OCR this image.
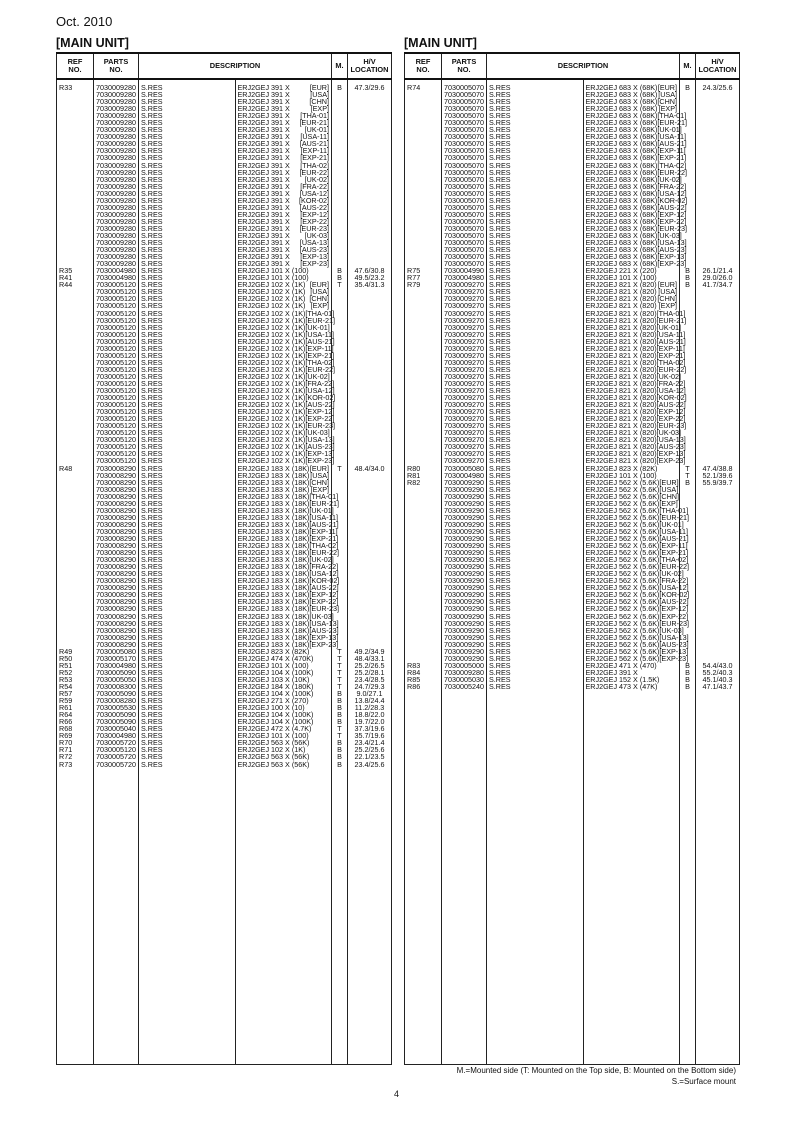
Oct. 2010
[MAIN UNIT]
REF
NO.	PARTS
NO.	DESCRIPTION		M.	H/V
LOCATION

R33	7030009280	S.RES	ERJ2GEJ 391 X [EUR]	B	47.3/29.6
	7030009280	S.RES	ERJ2GEJ 391 X [USA]		

	7030009280	S.RES	ERJ2GEJ 391 X [CHN]		

	7030009280	S.RES	ERJ2GEJ 391 X [EXP]		

	7030009280	S.RES	ERJ2GEJ 391 X [THA-01]		

	7030009280	S.RES	ERJ2GEJ 391 X [EUR-21]		

	7030009280	S.RES	ERJ2GEJ 391 X [UK-01]		

	7030009280	S.RES	ERJ2GEJ 391 X [USA-11]		

	7030009280	S.RES	ERJ2GEJ 391 X [AUS-21]		

	7030009280	S.RES	ERJ2GEJ 391 X [EXP-11]		

	7030009280	S.RES	ERJ2GEJ 391 X [EXP-21]		

	7030009280	S.RES	ERJ2GEJ 391 X [THA-02]		

	7030009280	S.RES	ERJ2GEJ 391 X [EUR-22]		

	7030009280	S.RES	ERJ2GEJ 391 X [UK-02]		

	7030009280	S.RES	ERJ2GEJ 391 X [FRA-22]		

	7030009280	S.RES	ERJ2GEJ 391 X [USA-12]		

	7030009280	S.RES	ERJ2GEJ 391 X [KOR-02]		

	7030009280	S.RES	ERJ2GEJ 391 X [AUS-22]		

	7030009280	S.RES	ERJ2GEJ 391 X [EXP-12]		

	7030009280	S.RES	ERJ2GEJ 391 X [EXP-22]		

	7030009280	S.RES	ERJ2GEJ 391 X [EUR-23]		

	7030009280	S.RES	ERJ2GEJ 391 X [UK-03]		

	7030009280	S.RES	ERJ2GEJ 391 X [USA-13]		

	7030009280	S.RES	ERJ2GEJ 391 X [AUS-23]		

	7030009280	S.RES	ERJ2GEJ 391 X [EXP-13]		

	7030009280	S.RES	ERJ2GEJ 391 X [EXP-23]		

R35	7030004980	S.RES	ERJ2GEJ 101 X (100)	B	47.6/30.8
R41	7030004980	S.RES	ERJ2GEJ 101 X (100)	B	49.5/23.2
R44	7030005120	S.RES	ERJ2GEJ 102 X (1K) [EUR]	T	35.4/31.3
	7030005120	S.RES	ERJ2GEJ 102 X (1K) [USA]		

	7030005120	S.RES	ERJ2GEJ 102 X (1K) [CHN]		

	7030005120	S.RES	ERJ2GEJ 102 X (1K) [EXP]		

	7030005120	S.RES	ERJ2GEJ 102 X (1K) [THA-01]		

	7030005120	S.RES	ERJ2GEJ 102 X (1K) [EUR-21]		

	7030005120	S.RES	ERJ2GEJ 102 X (1K) [UK-01]		

	7030005120	S.RES	ERJ2GEJ 102 X (1K) [USA-11]		

	7030005120	S.RES	ERJ2GEJ 102 X (1K) [AUS-21]		

	7030005120	S.RES	ERJ2GEJ 102 X (1K) [EXP-11]		

	7030005120	S.RES	ERJ2GEJ 102 X (1K) [EXP-21]		

	7030005120	S.RES	ERJ2GEJ 102 X (1K) [THA-02]		

	7030005120	S.RES	ERJ2GEJ 102 X (1K) [EUR-22]		

	7030005120	S.RES	ERJ2GEJ 102 X (1K) [UK-02]		

	7030005120	S.RES	ERJ2GEJ 102 X (1K) [FRA-22]		

	7030005120	S.RES	ERJ2GEJ 102 X (1K) [USA-12]		

	7030005120	S.RES	ERJ2GEJ 102 X (1K) [KOR-02]		

	7030005120	S.RES	ERJ2GEJ 102 X (1K) [AUS-22]		

	7030005120	S.RES	ERJ2GEJ 102 X (1K) [EXP-12]		

	7030005120	S.RES	ERJ2GEJ 102 X (1K) [EXP-22]		

	7030005120	S.RES	ERJ2GEJ 102 X (1K) [EUR-23]		

	7030005120	S.RES	ERJ2GEJ 102 X (1K) [UK-03]		

	7030005120	S.RES	ERJ2GEJ 102 X (1K) [USA-13]		

	7030005120	S.RES	ERJ2GEJ 102 X (1K) [AUS-23]		

	7030005120	S.RES	ERJ2GEJ 102 X (1K) [EXP-13]		

	7030005120	S.RES	ERJ2GEJ 102 X (1K) [EXP-23]		

R48	7030008290	S.RES	ERJ2GEJ 183 X (18K) [EUR]	T	48.4/34.0
	7030008290	S.RES	ERJ2GEJ 183 X (18K) [USA]		

	7030008290	S.RES	ERJ2GEJ 183 X (18K) [CHN]		

	7030008290	S.RES	ERJ2GEJ 183 X (18K) [EXP]		

	7030008290	S.RES	ERJ2GEJ 183 X (18K) [THA-01]		

	7030008290	S.RES	ERJ2GEJ 183 X (18K) [EUR-21]		

	7030008290	S.RES	ERJ2GEJ 183 X (18K) [UK-01]		

	7030008290	S.RES	ERJ2GEJ 183 X (18K) [USA-11]		

	7030008290	S.RES	ERJ2GEJ 183 X (18K) [AUS-21]		

	7030008290	S.RES	ERJ2GEJ 183 X (18K) [EXP-11]		

	7030008290	S.RES	ERJ2GEJ 183 X (18K) [EXP-21]		

	7030008290	S.RES	ERJ2GEJ 183 X (18K) [THA-02]		

	7030008290	S.RES	ERJ2GEJ 183 X (18K) [EUR-22]		

	7030008290	S.RES	ERJ2GEJ 183 X (18K) [UK-02]		

	7030008290	S.RES	ERJ2GEJ 183 X (18K) [FRA-22]		

	7030008290	S.RES	ERJ2GEJ 183 X (18K) [USA-12]		

	7030008290	S.RES	ERJ2GEJ 183 X (18K) [KOR-02]		

	7030008290	S.RES	ERJ2GEJ 183 X (18K) [AUS-22]		

	7030008290	S.RES	ERJ2GEJ 183 X (18K) [EXP-12]		

	7030008290	S.RES	ERJ2GEJ 183 X (18K) [EXP-22]		

	7030008290	S.RES	ERJ2GEJ 183 X (18K) [EUR-23]		

	7030008290	S.RES	ERJ2GEJ 183 X (18K) [UK-03]		

	7030008290	S.RES	ERJ2GEJ 183 X (18K) [USA-13]		

	7030008290	S.RES	ERJ2GEJ 183 X (18K) [AUS-23]		

	7030008290	S.RES	ERJ2GEJ 183 X (18K) [EXP-13]		

	7030008290	S.RES	ERJ2GEJ 183 X (18K) [EXP-23]		

R49	7030005080	S.RES	ERJ2GEJ 823 X (82K)	T	49.2/34.9
R50	7030005170	S.RES	ERJ2GEJ 474 X (470K)	T	48.4/33.1
R51	7030004980	S.RES	ERJ2GEJ 101 X (100)	T	25.2/26.5
R52	7030005090	S.RES	ERJ2GEJ 104 X (100K)	T	25.2/28.1
R53	7030005050	S.RES	ERJ2GEJ 103 X (10K)	T	23.4/28.5
R54	7030008300	S.RES	ERJ2GEJ 184 X (180K)	T	24.7/29.3
R57	7030005090	S.RES	ERJ2GEJ 104 X (100K)	B	9.0/27.1
R59	7030008280	S.RES	ERJ2GEJ 271 X (270)	B	13.8/24.4
R61	7030005530	S.RES	ERJ2GEJ 100 X (10)	B	11.2/28.3
R64	7030005090	S.RES	ERJ2GEJ 104 X (100K)	B	18.8/22.0
R66	7030005090	S.RES	ERJ2GEJ 104 X (100K)	B	19.7/22.0
R68	7030005040	S.RES	ERJ2GEJ 472 X (4.7K)	T	37.3/19.6
R69	7030004980	S.RES	ERJ2GEJ 101 X (100)	T	35.7/19.6
R70	7030005720	S.RES	ERJ2GEJ 563 X (56K)	B	23.4/21.4
R71	7030005120	S.RES	ERJ2GEJ 102 X (1K)	B	25.2/25.6
R72	7030005720	S.RES	ERJ2GEJ 563 X (56K)	B	22.1/23.5
R73	7030005720	S.RES	ERJ2GEJ 563 X (56K)	B	23.4/25.6

[MAIN UNIT]
REF
NO.	PARTS
NO.	DESCRIPTION		M.	H/V
LOCATION

R74	7030005070	S.RES	ERJ2GEJ 683 X (68K) [EUR]	B	24.3/25.6
	7030005070	S.RES	ERJ2GEJ 683 X (68K) [USA]		

	7030005070	S.RES	ERJ2GEJ 683 X (68K) [CHN]		

	7030005070	S.RES	ERJ2GEJ 683 X (68K) [EXP]		

	7030005070	S.RES	ERJ2GEJ 683 X (68K) [THA-01]		

	7030005070	S.RES	ERJ2GEJ 683 X (68K) [EUR-21]		

	7030005070	S.RES	ERJ2GEJ 683 X (68K) [UK-01]		

	7030005070	S.RES	ERJ2GEJ 683 X (68K) [USA-11]		

	7030005070	S.RES	ERJ2GEJ 683 X (68K) [AUS-21]		

	7030005070	S.RES	ERJ2GEJ 683 X (68K) [EXP-11]		

	7030005070	S.RES	ERJ2GEJ 683 X (68K) [EXP-21]		

	7030005070	S.RES	ERJ2GEJ 683 X (68K) [THA-02]		

	7030005070	S.RES	ERJ2GEJ 683 X (68K) [EUR-22]		

	7030005070	S.RES	ERJ2GEJ 683 X (68K) [UK-02]		

	7030005070	S.RES	ERJ2GEJ 683 X (68K) [FRA-22]		

	7030005070	S.RES	ERJ2GEJ 683 X (68K) [USA-12]		

	7030005070	S.RES	ERJ2GEJ 683 X (68K) [KOR-02]		

	7030005070	S.RES	ERJ2GEJ 683 X (68K) [AUS-22]		

	7030005070	S.RES	ERJ2GEJ 683 X (68K) [EXP-12]		

	7030005070	S.RES	ERJ2GEJ 683 X (68K) [EXP-22]		

	7030005070	S.RES	ERJ2GEJ 683 X (68K) [EUR-23]		

	7030005070	S.RES	ERJ2GEJ 683 X (68K) [UK-03]		

	7030005070	S.RES	ERJ2GEJ 683 X (68K) [USA-13]		

	7030005070	S.RES	ERJ2GEJ 683 X (68K) [AUS-23]		

	7030005070	S.RES	ERJ2GEJ 683 X (68K) [EXP-13]		

	7030005070	S.RES	ERJ2GEJ 683 X (68K) [EXP-23]		

R75	7030004990	S.RES	ERJ2GEJ 221 X (220)	B	26.1/21.4
R77	7030004980	S.RES	ERJ2GEJ 101 X (100)	B	29.0/26.0
R79	7030009270	S.RES	ERJ2GEJ 821 X (820) [EUR]	B	41.7/34.7
	7030009270	S.RES	ERJ2GEJ 821 X (820) [USA]		

	7030009270	S.RES	ERJ2GEJ 821 X (820) [CHN]		

	7030009270	S.RES	ERJ2GEJ 821 X (820) [EXP]		

	7030009270	S.RES	ERJ2GEJ 821 X (820) [THA-01]		

	7030009270	S.RES	ERJ2GEJ 821 X (820) [EUR-21]		

	7030009270	S.RES	ERJ2GEJ 821 X (820) [UK-01]		

	7030009270	S.RES	ERJ2GEJ 821 X (820) [USA-11]		

	7030009270	S.RES	ERJ2GEJ 821 X (820) [AUS-21]		

	7030009270	S.RES	ERJ2GEJ 821 X (820) [EXP-11]		

	7030009270	S.RES	ERJ2GEJ 821 X (820) [EXP-21]		

	7030009270	S.RES	ERJ2GEJ 821 X (820) [THA-02]		

	7030009270	S.RES	ERJ2GEJ 821 X (820) [EUR-22]		

	7030009270	S.RES	ERJ2GEJ 821 X (820) [UK-02]		

	7030009270	S.RES	ERJ2GEJ 821 X (820) [FRA-22]		

	7030009270	S.RES	ERJ2GEJ 821 X (820) [USA-12]		

	7030009270	S.RES	ERJ2GEJ 821 X (820) [KOR-02]		

	7030009270	S.RES	ERJ2GEJ 821 X (820) [AUS-22]		

	7030009270	S.RES	ERJ2GEJ 821 X (820) [EXP-12]		

	7030009270	S.RES	ERJ2GEJ 821 X (820) [EXP-22]		

	7030009270	S.RES	ERJ2GEJ 821 X (820) [EUR-23]		

	7030009270	S.RES	ERJ2GEJ 821 X (820) [UK-03]		

	7030009270	S.RES	ERJ2GEJ 821 X (820) [USA-13]		

	7030009270	S.RES	ERJ2GEJ 821 X (820) [AUS-23]		

	7030009270	S.RES	ERJ2GEJ 821 X (820) [EXP-13]		

	7030009270	S.RES	ERJ2GEJ 821 X (820) [EXP-23]		

R80	7030005080	S.RES	ERJ2GEJ 823 X (82K)	T	47.4/38.8
R81	7030004980	S.RES	ERJ2GEJ 101 X (100)	T	52.1/39.6
R82	7030009290	S.RES	ERJ2GEJ 562 X (5.6K) [EUR]	B	55.9/39.7
	7030009290	S.RES	ERJ2GEJ 562 X (5.6K) [USA]		

	7030009290	S.RES	ERJ2GEJ 562 X (5.6K) [CHN]		

	7030009290	S.RES	ERJ2GEJ 562 X (5.6K) [EXP]		

	7030009290	S.RES	ERJ2GEJ 562 X (5.6K) [THA-01]		

	7030009290	S.RES	ERJ2GEJ 562 X (5.6K) [EUR-21]		

	7030009290	S.RES	ERJ2GEJ 562 X (5.6K) [UK-01]		

	7030009290	S.RES	ERJ2GEJ 562 X (5.6K) [USA-11]		

	7030009290	S.RES	ERJ2GEJ 562 X (5.6K) [AUS-21]		

	7030009290	S.RES	ERJ2GEJ 562 X (5.6K) [EXP-11]		

	7030009290	S.RES	ERJ2GEJ 562 X (5.6K) [EXP-21]		

	7030009290	S.RES	ERJ2GEJ 562 X (5.6K) [THA-02]		

	7030009290	S.RES	ERJ2GEJ 562 X (5.6K) [EUR-22]		

	7030009290	S.RES	ERJ2GEJ 562 X (5.6K) [UK-02]		

	7030009290	S.RES	ERJ2GEJ 562 X (5.6K) [FRA-22]		

	7030009290	S.RES	ERJ2GEJ 562 X (5.6K) [USA-12]		

	7030009290	S.RES	ERJ2GEJ 562 X (5.6K) [KOR-02]		

	7030009290	S.RES	ERJ2GEJ 562 X (5.6K) [AUS-22]		

	7030009290	S.RES	ERJ2GEJ 562 X (5.6K) [EXP-12]		

	7030009290	S.RES	ERJ2GEJ 562 X (5.6K) [EXP-22]		

	7030009290	S.RES	ERJ2GEJ 562 X (5.6K) [EUR-23]		

	7030009290	S.RES	ERJ2GEJ 562 X (5.6K) [UK-03]		

	7030009290	S.RES	ERJ2GEJ 562 X (5.6K) [USA-13]		

	7030009290	S.RES	ERJ2GEJ 562 X (5.6K) [AUS-23]		

	7030009290	S.RES	ERJ2GEJ 562 X (5.6K) [EXP-13]		

	7030009290	S.RES	ERJ2GEJ 562 X (5.6K) [EXP-23]		

R83	7030005000	S.RES	ERJ2GEJ 471 X (470)	B	54.4/43.0
R84	7030009280	S.RES	ERJ2GEJ 391 X	B	55.2/40.3
R85	7030005030	S.RES	ERJ2GEJ 152 X (1.5K)	B	45.1/40.3
R86	7030005240	S.RES	ERJ2GEJ 473 X (47K)	B	47.1/43.7

M.=Mounted side (T: Mounted on the Top side, B: Mounted on the Bottom side)
S.=Surface mount
4
